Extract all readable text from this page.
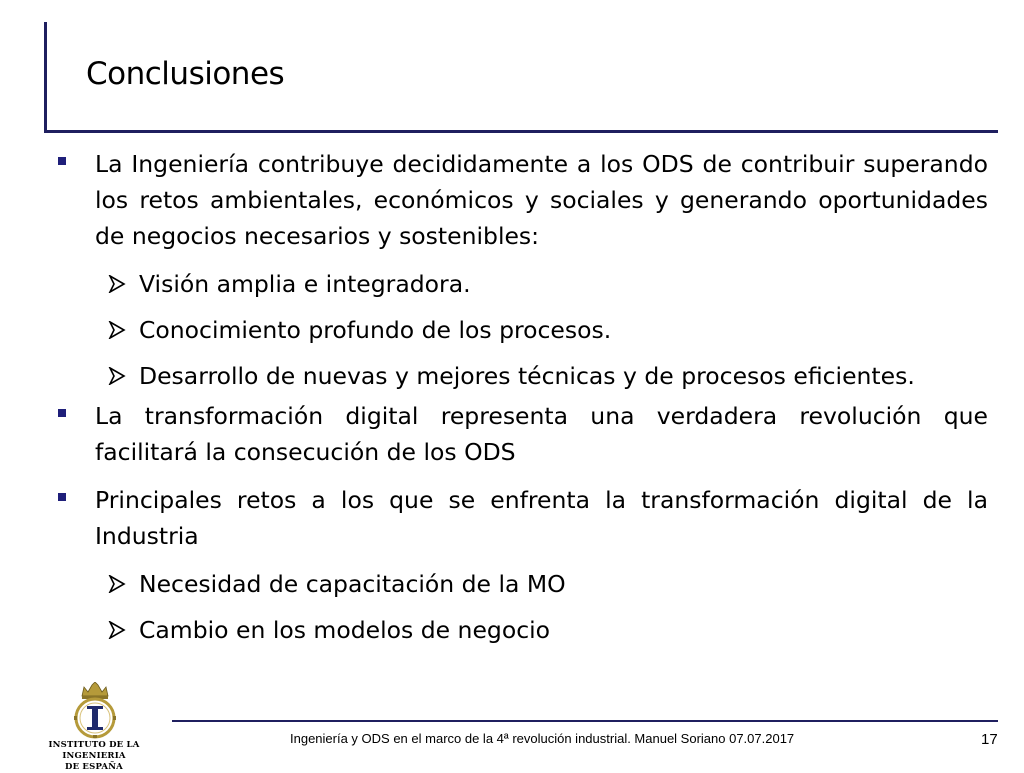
Conclusiones
La Ingeniería contribuye decididamente a los ODS de contribuir superando los retos ambientales, económicos y sociales y generando oportunidades de negocios necesarios y sostenibles:
Visión amplia e integradora.
Conocimiento profundo de los procesos.
Desarrollo de nuevas y mejores técnicas y de procesos eficientes.
La transformación digital representa una verdadera revolución que facilitará la consecución de los ODS
Principales retos a los que se enfrenta la transformación digital de la Industria
Necesidad de capacitación de la MO
Cambio en los modelos de negocio
INSTITUTO DE LA INGENIERIA
DE ESPAÑA
Ingeniería y ODS en el marco de la 4ª revolución industrial. Manuel Soriano 07.07.2017	17
